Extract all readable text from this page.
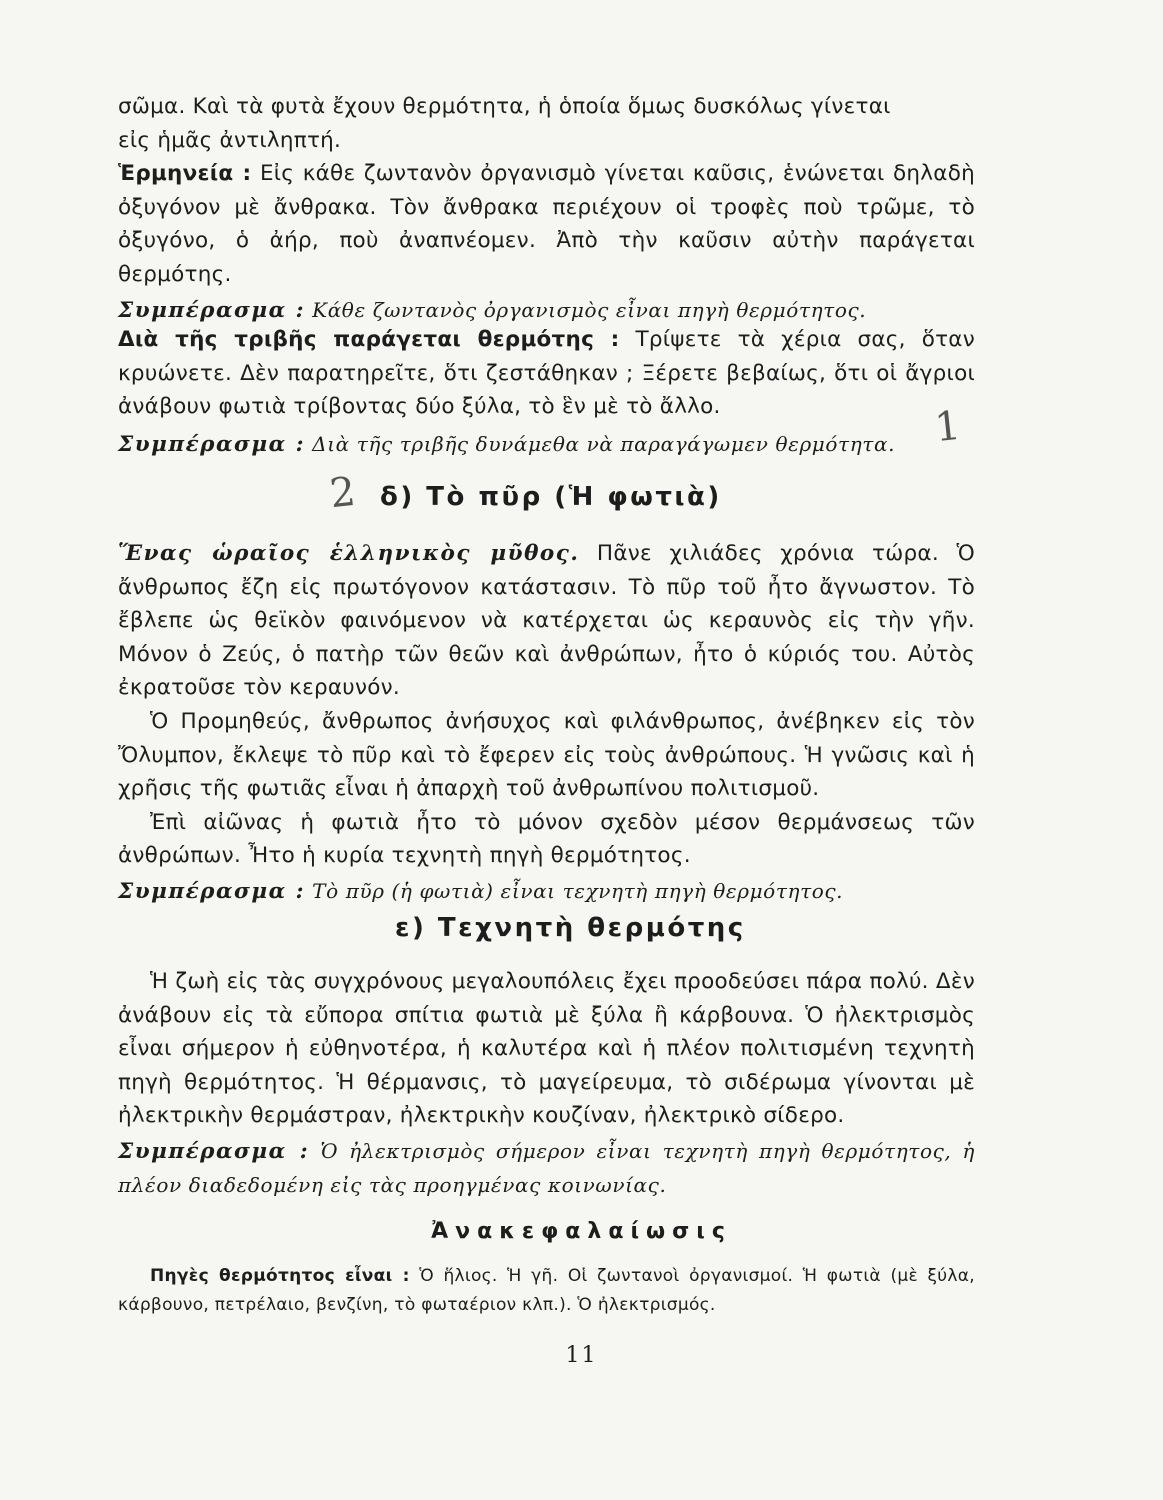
σῶμα. Καὶ τὰ φυτὰ ἔχουν θερμότητα, ἡ ὁποία ὅμως δυσκόλως γίνεται
εἰς ἡμᾶς ἀντιληπτή.

Ἑρμηνεία : Εἰς κάθε ζωντανὸν ὀργανισμὸ γίνεται καῦσις, ἑνώνεται δηλαδὴ ὀξυγόνον μὲ ἄνθρακα. Τὸν ἄνθρακα περιέχουν οἱ τροφὲς ποὺ τρῶμε, τὸ ὀξυγόνο, ὁ ἀήρ, ποὺ ἀναπνέομεν. Ἀπὸ τὴν καῦσιν αὐτὴν παράγεται θερμότης.

Συμπέρασμα : Κάθε ζωντανὸς ὀργανισμὸς εἶναι πηγὴ θερμότητος.

Διὰ τῆς τριβῆς παράγεται θερμότης : Τρίψετε τὰ χέρια σας, ὅταν κρυώνετε. Δὲν παρατηρεῖτε, ὅτι ζεστάθηκαν ; Ξέρετε βεβαίως, ὅτι οἱ ἄγριοι ἀνάβουν φωτιὰ τρίβοντας δύο ξύλα, τὸ ἓν μὲ τὸ ἄλλο.

Συμπέρασμα : Διὰ τῆς τριβῆς δυνάμεθα νὰ παραγάγωμεν θερμότητα. 1
2 δ) Τὸ πῦρ (Ἡ φωτιὰ)

Ἕνας ὡραῖος ἑλληνικὸς μῦθος. Πᾶνε χιλιάδες χρόνια τώρα. Ὁ ἄνθρωπος ἔζη εἰς πρωτόγονον κατάστασιν. Τὸ πῦρ τοῦ ἦτο ἄγνωστον. Τὸ ἔβλεπε ὡς θεϊκὸν φαινόμενον νὰ κατέρχεται ὡς κεραυνὸς εἰς τὴν γῆν. Μόνον ὁ Ζεύς, ὁ πατὴρ τῶν θεῶν καὶ ἀνθρώπων, ἦτο ὁ κύριός του. Αὐτὸς ἐκρατοῦσε τὸν κεραυνόν.

Ὁ Προμηθεύς, ἄνθρωπος ἀνήσυχος καὶ φιλάνθρωπος, ἀνέβηκεν εἰς τὸν Ὄλυμπον, ἔκλεψε τὸ πῦρ καὶ τὸ ἔφερεν εἰς τοὺς ἀνθρώπους. Ἡ γνῶσις καὶ ἡ χρῆσις τῆς φωτιᾶς εἶναι ἡ ἀπαρχὴ τοῦ ἀνθρωπίνου πολιτισμοῦ.

Ἐπὶ αἰῶνας ἡ φωτιὰ ἦτο τὸ μόνον σχεδὸν μέσον θερμάνσεως τῶν ἀνθρώπων. Ἦτο ἡ κυρία τεχνητὴ πηγὴ θερμότητος.

Συμπέρασμα : Τὸ πῦρ (ἡ φωτιὰ) εἶναι τεχνητὴ πηγὴ θερμότητος.

ε) Τεχνητὴ θερμότης

Ἡ ζωὴ εἰς τὰς συγχρόνους μεγαλουπόλεις ἔχει προοδεύσει πάρα πολύ. Δὲν ἀνάβουν εἰς τὰ εὔπορα σπίτια φωτιὰ μὲ ξύλα ἢ κάρβουνα. Ὁ ἠλεκτρισμὸς εἶναι σήμερον ἡ εὐθηνοτέρα, ἡ καλυτέρα καὶ ἡ πλέον πολιτισμένη τεχνητὴ πηγὴ θερμότητος. Ἡ θέρμανσις, τὸ μαγείρευμα, τὸ σιδέρωμα γίνονται μὲ ἠλεκτρικὴν θερμάστραν, ἠλεκτρικὴν κουζίναν, ἠλεκτρικὸ σίδερο.

Συμπέρασμα : Ὁ ἠλεκτρισμὸς σήμερον εἶναι τεχνητὴ πηγὴ θερμότητος, ἡ πλέον διαδεδομένη εἰς τὰς προηγμένας κοινωνίας.

Ἀνακεφαλαίωσις

Πηγὲς θερμότητος εἶναι : Ὁ ἥλιος. Ἡ γῆ. Οἱ ζωντανοὶ ὀργανισμοί. Ἡ φωτιὰ (μὲ ξύλα, κάρβουνο, πετρέλαιο, βενζίνη, τὸ φωταέριον κλπ.). Ὁ ἠλεκτρισμός.

11
